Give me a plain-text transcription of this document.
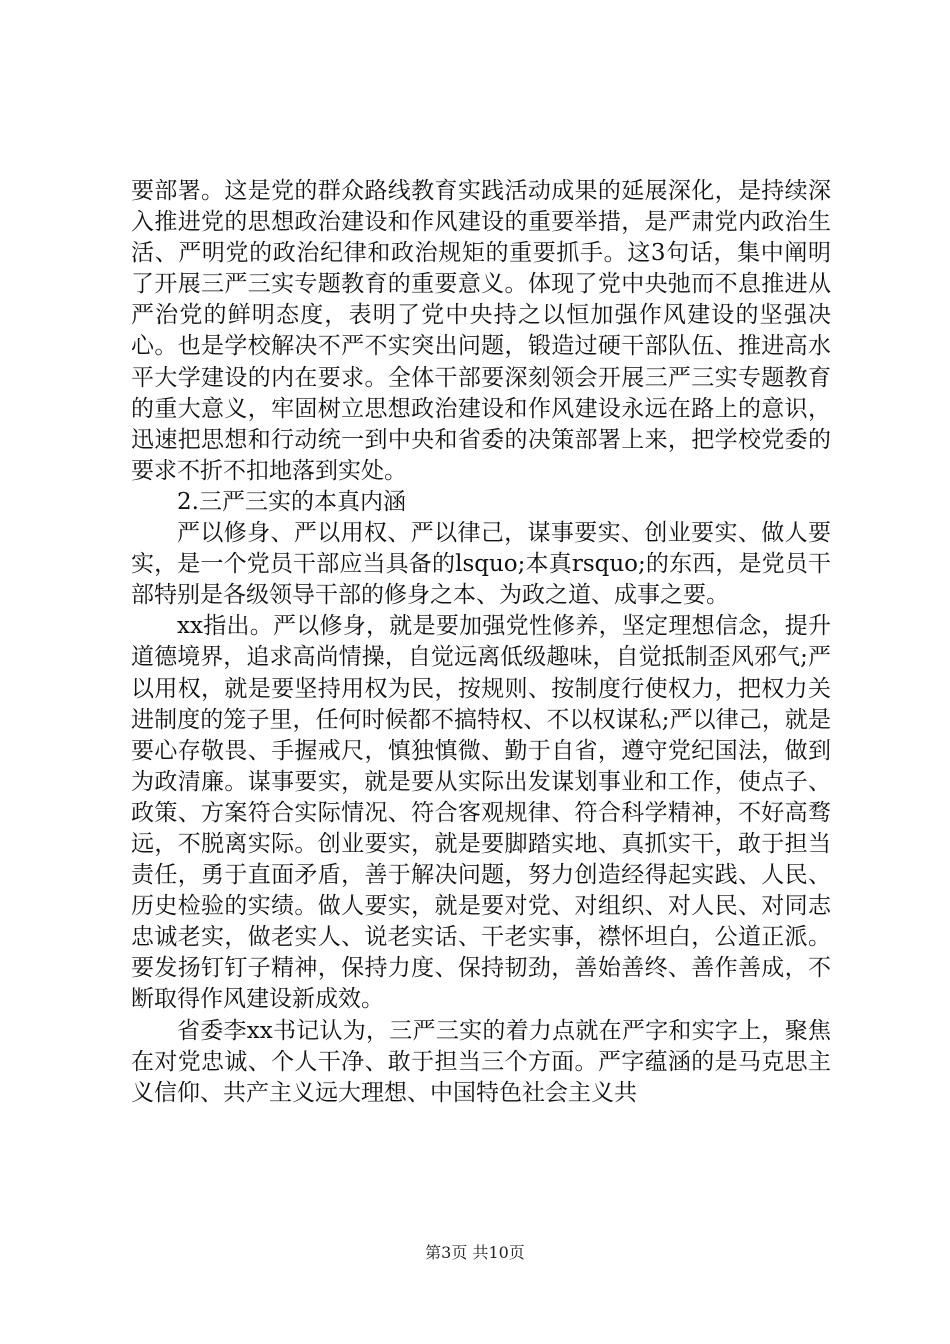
要部署。这是党的群众路线教育实践活动成果的延展深化，是持续深入推进党的思想政治建设和作风建设的重要举措，是严肃党内政治生活、严明党的政治纪律和政治规矩的重要抓手。这3句话，集中阐明了开展三严三实专题教育的重要意义。体现了党中央弛而不息推进从严治党的鲜明态度，表明了党中央持之以恒加强作风建设的坚强决心。也是学校解决不严不实突出问题，锻造过硬干部队伍、推进高水平大学建设的内在要求。全体干部要深刻领会开展三严三实专题教育的重大意义，牢固树立思想政治建设和作风建设永远在路上的意识，迅速把思想和行动统一到中央和省委的决策部署上来，把学校党委的要求不折不扣地落到实处。

2.三严三实的本真内涵

严以修身、严以用权、严以律己，谋事要实、创业要实、做人要实，是一个党员干部应当具备的lsquo;本真rsquo;的东西，是党员干部特别是各级领导干部的修身之本、为政之道、成事之要。

xx指出。严以修身，就是要加强党性修养，坚定理想信念，提升道德境界，追求高尚情操，自觉远离低级趣味，自觉抵制歪风邪气;严以用权，就是要坚持用权为民，按规则、按制度行使权力，把权力关进制度的笼子里，任何时候都不搞特权、不以权谋私;严以律己，就是要心存敬畏、手握戒尺，慎独慎微、勤于自省，遵守党纪国法，做到为政清廉。谋事要实，就是要从实际出发谋划事业和工作，使点子、政策、方案符合实际情况、符合客观规律、符合科学精神，不好高骛远，不脱离实际。创业要实，就是要脚踏实地、真抓实干，敢于担当责任，勇于直面矛盾，善于解决问题，努力创造经得起实践、人民、历史检验的实绩。做人要实，就是要对党、对组织、对人民、对同志忠诚老实，做老实人、说老实话、干老实事，襟怀坦白，公道正派。要发扬钉钉子精神，保持力度、保持韧劲，善始善终、善作善成，不断取得作风建设新成效。

省委李xx书记认为，三严三实的着力点就在严字和实字上，聚焦在对党忠诚、个人干净、敢于担当三个方面。严字蕴涵的是马克思主义信仰、共产主义远大理想、中国特色社会主义共

第3页 共10页
